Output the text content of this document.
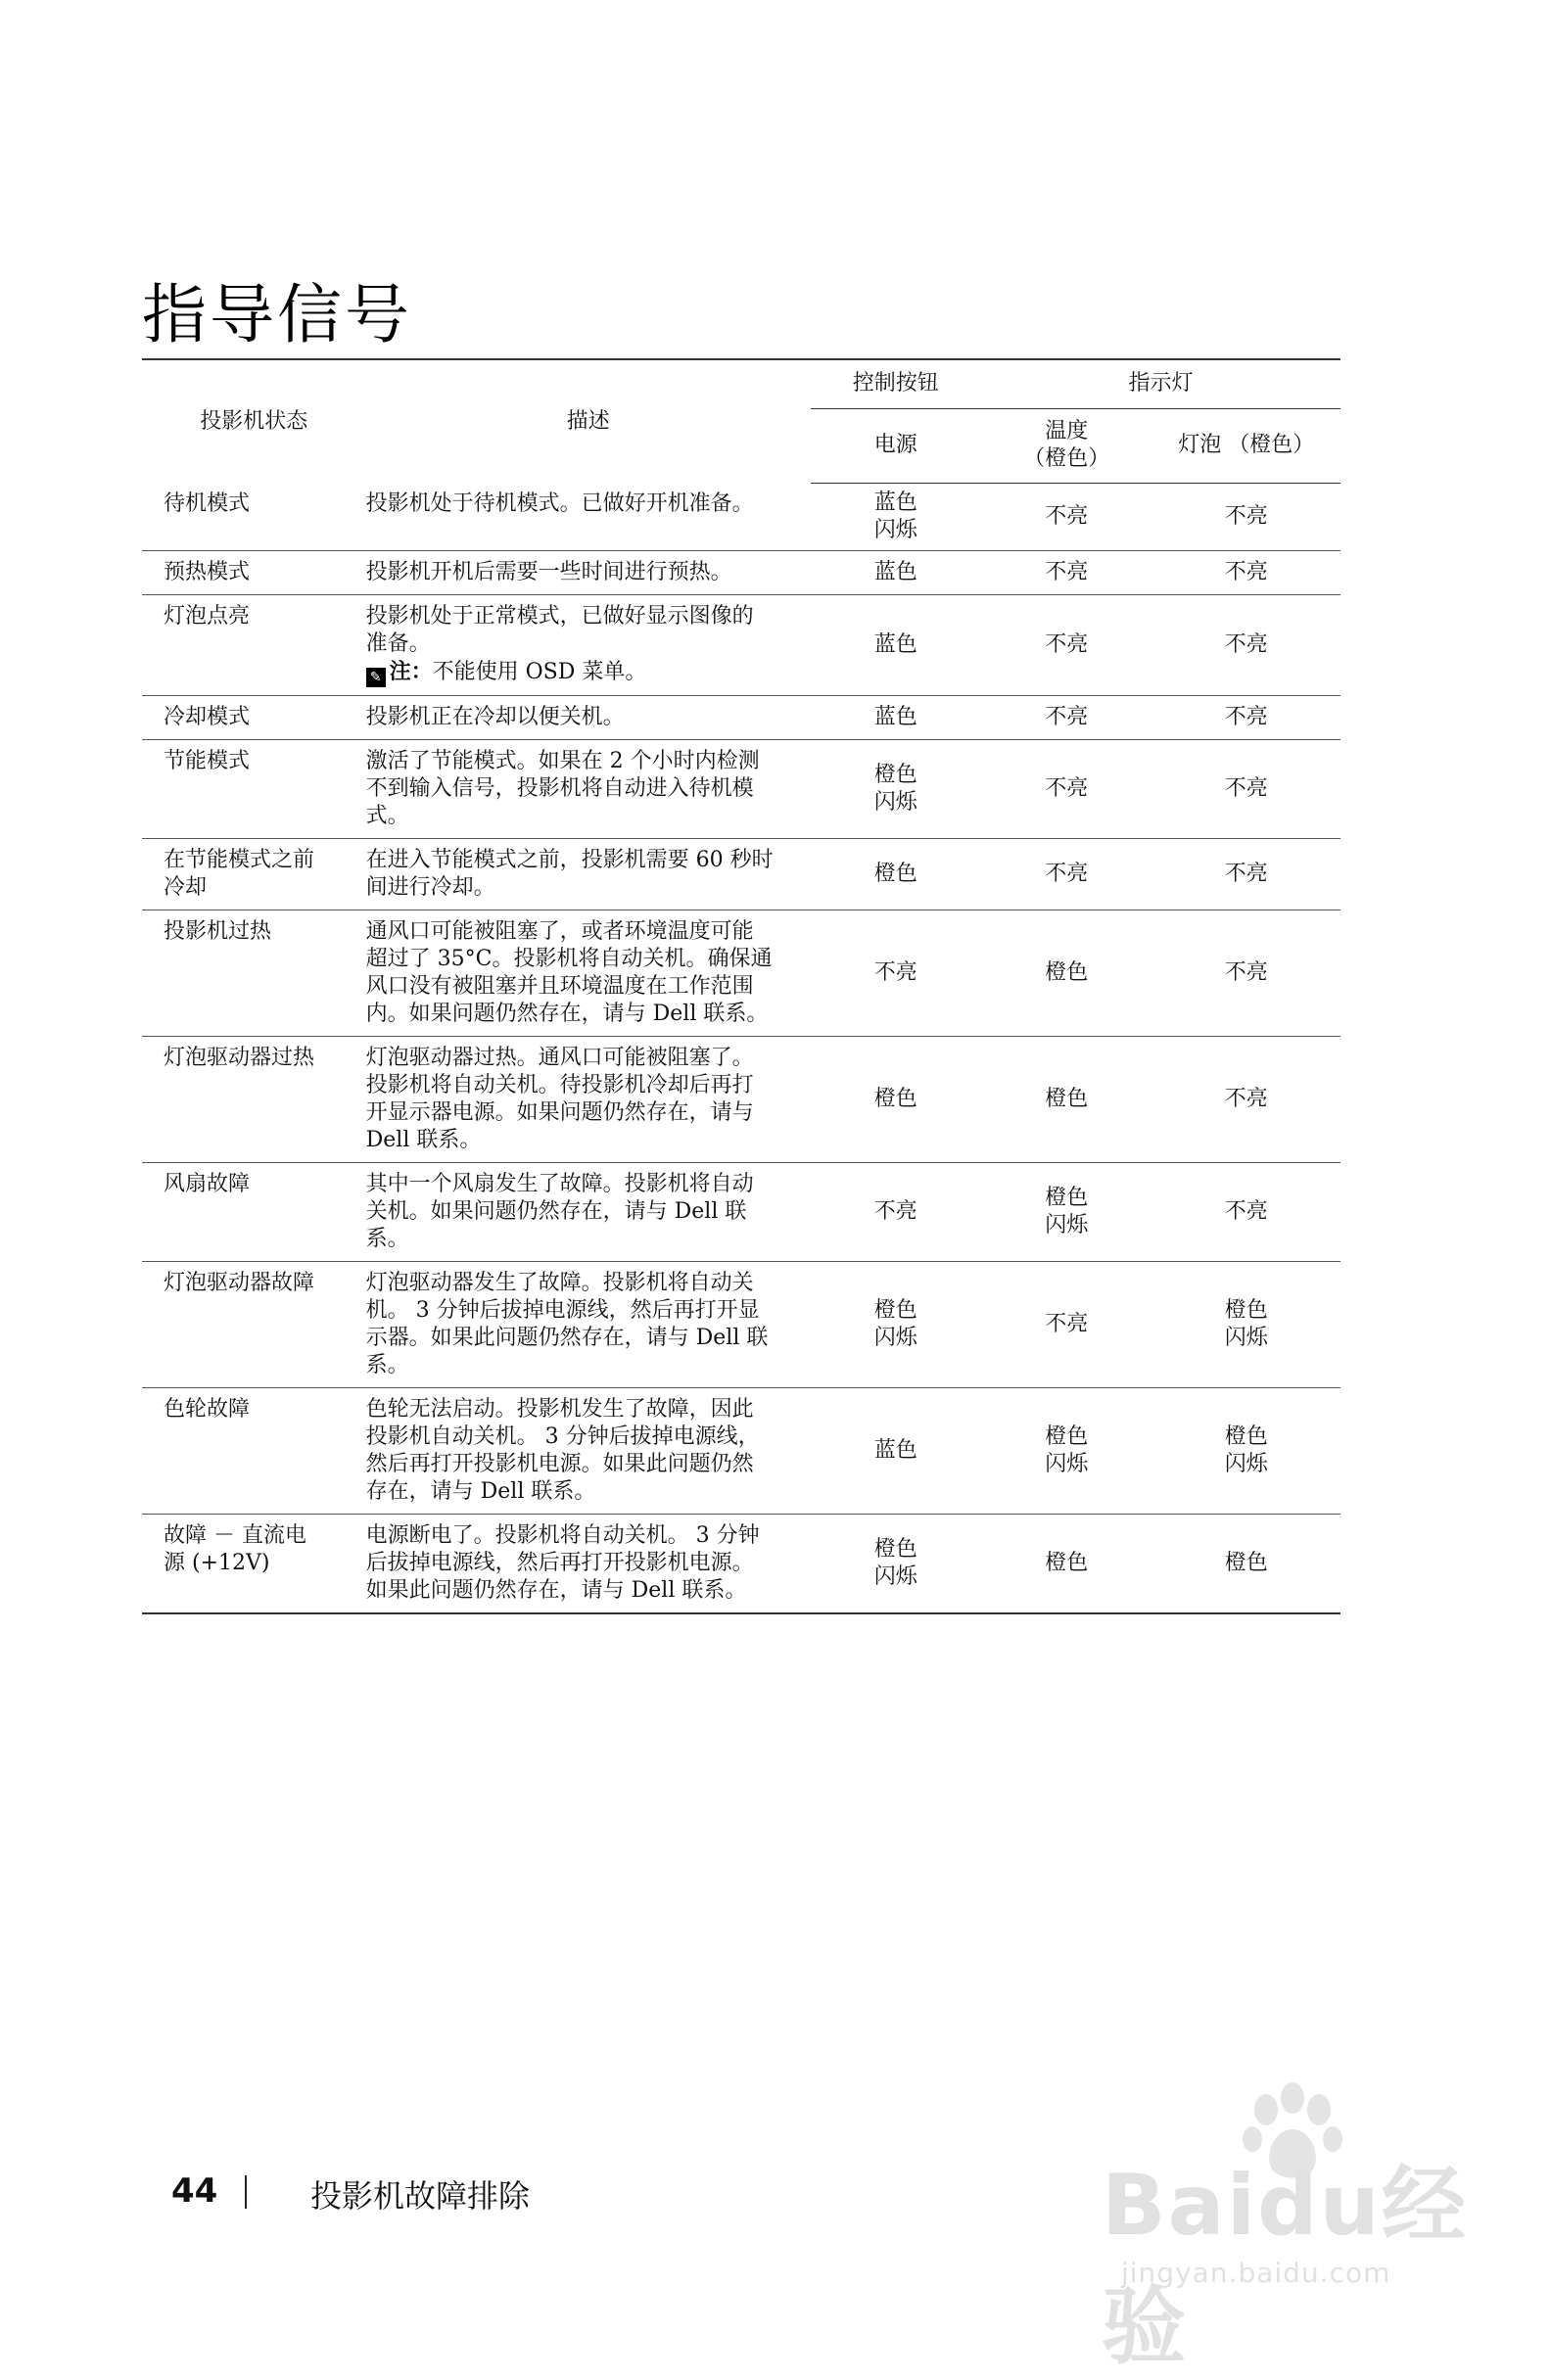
指导信号
投影机状态	描述	控制按钮	指示灯	
		电源	温度
（橙色）	灯泡 （橙色）

待机模式	投影机处于待机模式。已做好开机准备。	蓝色
闪烁	不亮	不亮

预热模式	投影机开机后需要一些时间进行预热。	蓝色	不亮	不亮

灯泡点亮	投影机处于正常模式，已做好显示图像的
准备。
✎ 注：不能使用 OSD 菜单。	蓝色	不亮	不亮

冷却模式	投影机正在冷却以便关机。	蓝色	不亮	不亮

节能模式	激活了节能模式。如果在 2 个小时内检测
不到输入信号，投影机将自动进入待机模
式。	橙色
闪烁	不亮	不亮

在节能模式之前
冷却	在进入节能模式之前，投影机需要 60 秒时
间进行冷却。	橙色	不亮	不亮

投影机过热	通风口可能被阻塞了，或者环境温度可能
超过了 35°C。投影机将自动关机。确保通
风口没有被阻塞并且环境温度在工作范围
内。如果问题仍然存在，请与 Dell 联系。	不亮	橙色	不亮

灯泡驱动器过热	灯泡驱动器过热。通风口可能被阻塞了。
投影机将自动关机。待投影机冷却后再打
开显示器电源。如果问题仍然存在，请与
Dell 联系。	橙色	橙色	不亮

风扇故障	其中一个风扇发生了故障。投影机将自动
关机。如果问题仍然存在，请与 Dell 联
系。	不亮	橙色
闪烁	不亮

灯泡驱动器故障	灯泡驱动器发生了故障。投影机将自动关
机。 3 分钟后拔掉电源线，然后再打开显
示器。如果此问题仍然存在，请与 Dell 联
系。	橙色
闪烁	不亮	橙色
闪烁

色轮故障	色轮无法启动。投影机发生了故障，因此
投影机自动关机。 3 分钟后拔掉电源线，
然后再打开投影机电源。如果此问题仍然
存在，请与 Dell 联系。	蓝色	橙色
闪烁	橙色
闪烁

故障 － 直流电
源 (+12V)	电源断电了。投影机将自动关机。 3 分钟
后拔掉电源线，然后再打开投影机电源。
如果此问题仍然存在，请与 Dell 联系。	橙色
闪烁	橙色	橙色
44	投影机故障排除	Baidu经验
jingyan.baidu.com
